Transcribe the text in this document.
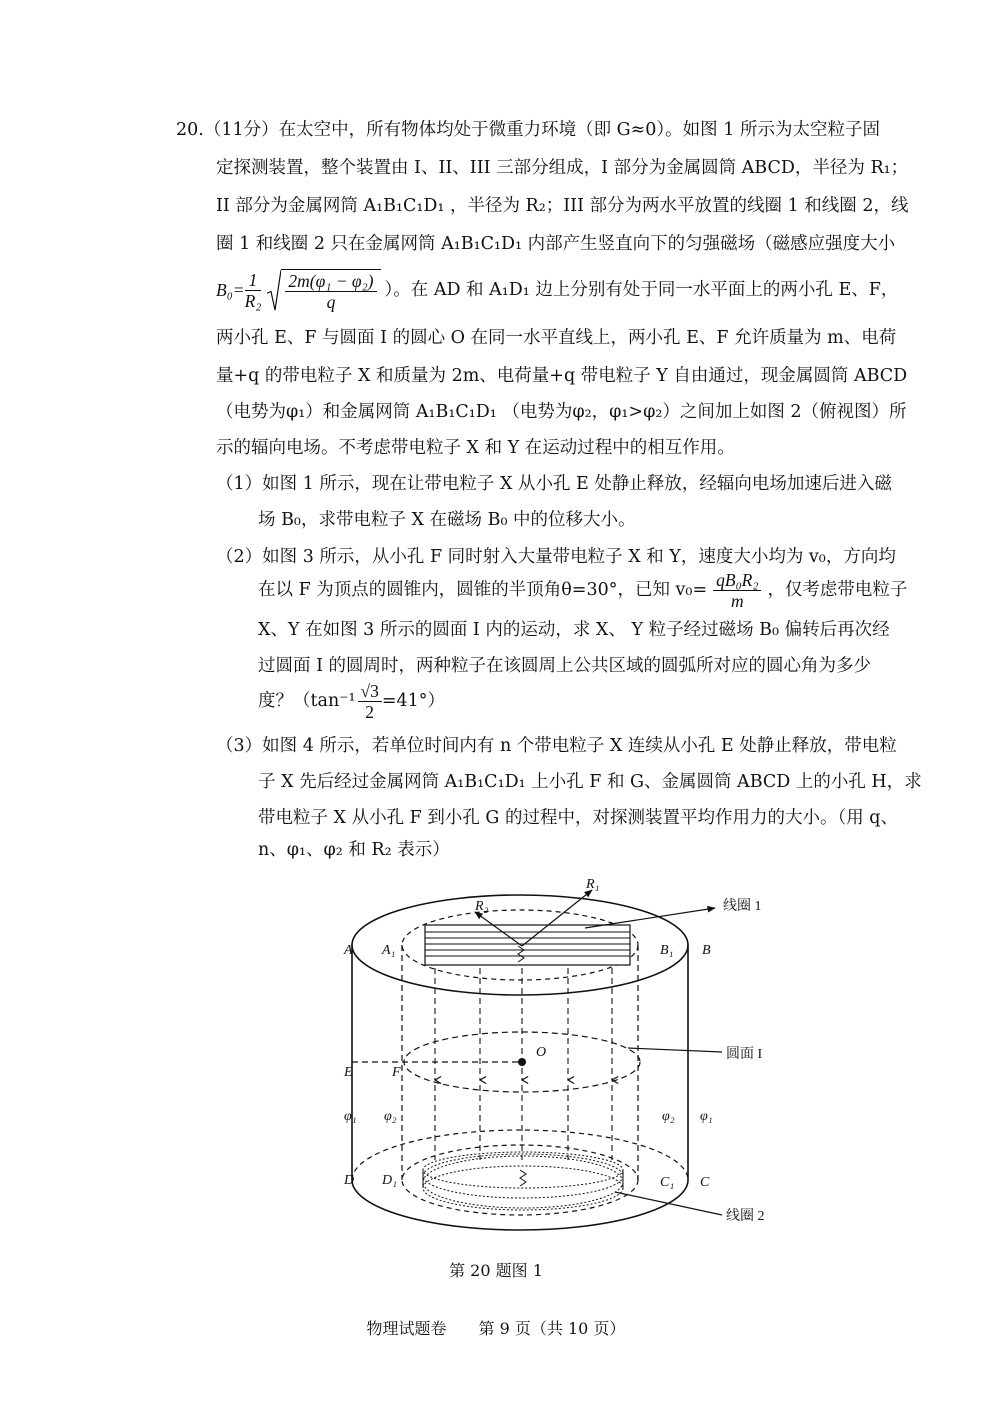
20.（11分）在太空中，所有物体均处于微重力环境（即 G≈0）。如图 1 所示为太空粒子固
定探测装置，整个装置由 I、II、III 三部分组成，I 部分为金属圆筒 ABCD，半径为 R₁；
II 部分为金属网筒 A₁B₁C₁D₁ ，半径为 R₂；III 部分为两水平放置的线圈 1 和线圈 2，线
圈 1 和线圈 2 只在金属网筒 A₁B₁C₁D₁ 内部产生竖直向下的匀强磁场（磁感应强度大小
$B_0= \frac{1}{\text{R₂}} \frac{\text{2m(φ₁ − φ₂)}}{q}$ ）。在 AD 和 A₁D₁ 边上分别有处于同一水平面上的两小孔 E、F，
两小孔 E、F 与圆面 I 的圆心 O 在同一水平直线上，两小孔 E、F 允许质量为 m、电荷
量+q 的带电粒子 X 和质量为 2m、电荷量+q 带电粒子 Y 自由通过，现金属圆筒 ABCD
（电势为φ₁）和金属网筒 A₁B₁C₁D₁ （电势为φ₂，φ₁>φ₂）之间加上如图 2（俯视图）所
示的辐向电场。不考虑带电粒子 X 和 Y 在运动过程中的相互作用。
（1）如图 1 所示，现在让带电粒子 X 从小孔 E 处静止释放，经辐向电场加速后进入磁
场 B₀，求带电粒子 X 在磁场 B₀ 中的位移大小。
（2）如图 3 所示，从小孔 F 同时射入大量带电粒子 X 和 Y，速度大小均为 v₀，方向均
在以 F 为顶点的圆锥内，圆锥的半顶角θ=30°，已知 $v_0= \frac{\text{qB₀R₂}}{m}$ ，仅考虑带电粒子
X、Y 在如图 3 所示的圆面 I 内的运动，求 X、 Y 粒子经过磁场 B₀ 偏转后再次经
过圆面 I 的圆周时，两种粒子在该圆周上公共区域的圆弧所对应的圆心角为多少
度？$(\tan^{-1} \frac{√3}{2} =41^\circ)$
（3）如图 4 所示，若单位时间内有 n 个带电粒子 X 连续从小孔 E 处静止释放，带电粒
子 X 先后经过金属网筒 A₁B₁C₁D₁ 上小孔 F 和 G、金属圆筒 ABCD 上的小孔 H，求
带电粒子 X 从小孔 F 到小孔 G 的过程中，对探测装置平均作用力的大小。（用 q、
n、φ₁、φ₂ 和 R₂ 表示）
R₁
R₂	线圈 1
A A₁	B₁ B
O	圆面 I
E	F
φ₁ φ₂	φ₂ φ₁
D D₁	C₁ C
线圈 2
第 20 题图 1
物理试题卷　　第 9 页（共 10 页）
